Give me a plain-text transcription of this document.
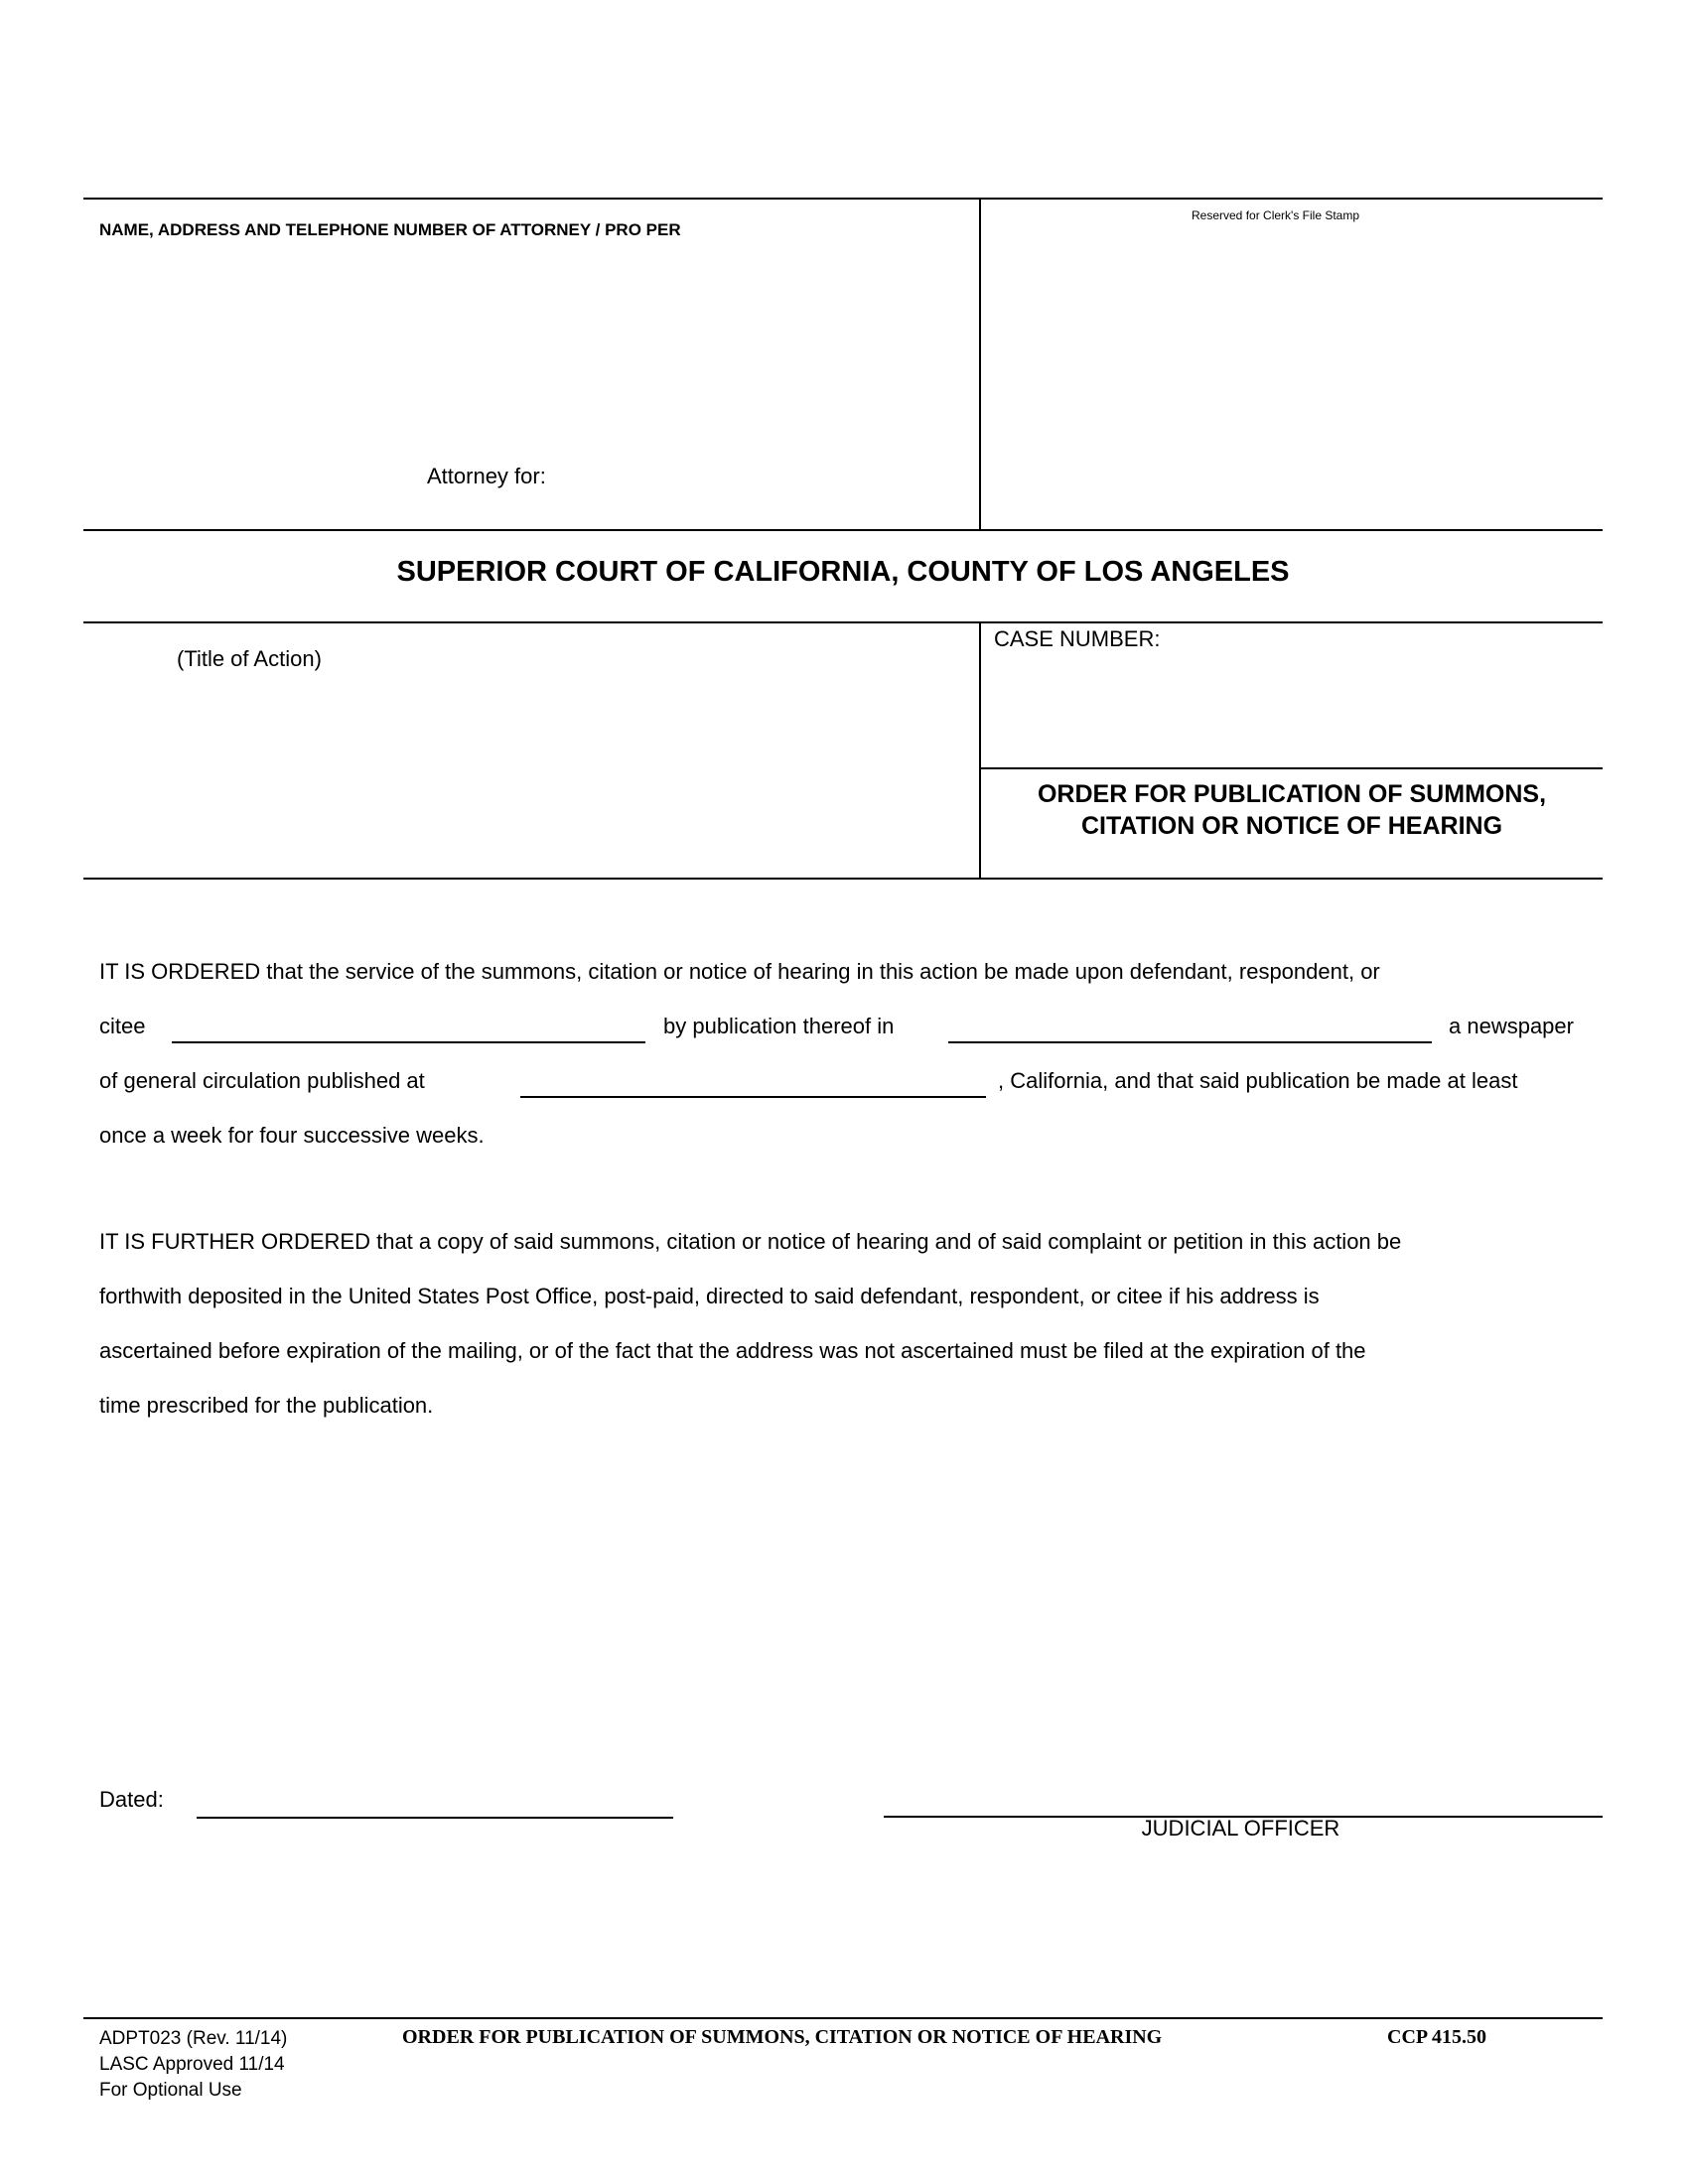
NAME, ADDRESS AND TELEPHONE NUMBER OF ATTORNEY / PRO PER
Reserved for Clerk's File Stamp
Attorney for:
SUPERIOR COURT OF CALIFORNIA, COUNTY OF LOS ANGELES
(Title of Action)
CASE NUMBER:
ORDER FOR PUBLICATION OF SUMMONS,
CITATION OR NOTICE OF HEARING
IT IS ORDERED that the service of the summons, citation or notice of hearing in this action be made upon defendant, respondent, or
citee	by publication thereof in	a newspaper
of general circulation published at	, California, and that said publication be made at least
once a week for four successive weeks.
IT IS FURTHER ORDERED that a copy of said summons, citation or notice of hearing and of said complaint or petition in this action be
forthwith deposited in the United States Post Office, post-paid, directed to said defendant, respondent, or citee if his address is
ascertained before expiration of the mailing, or of the fact that the address was not ascertained must be filed at the expiration of the
time prescribed for the publication.
Dated:
JUDICIAL OFFICER
ADPT023 (Rev. 11/14)
LASC Approved 11/14
For Optional Use
ORDER FOR PUBLICATION OF SUMMONS, CITATION OR NOTICE OF HEARING	CCP 415.50
